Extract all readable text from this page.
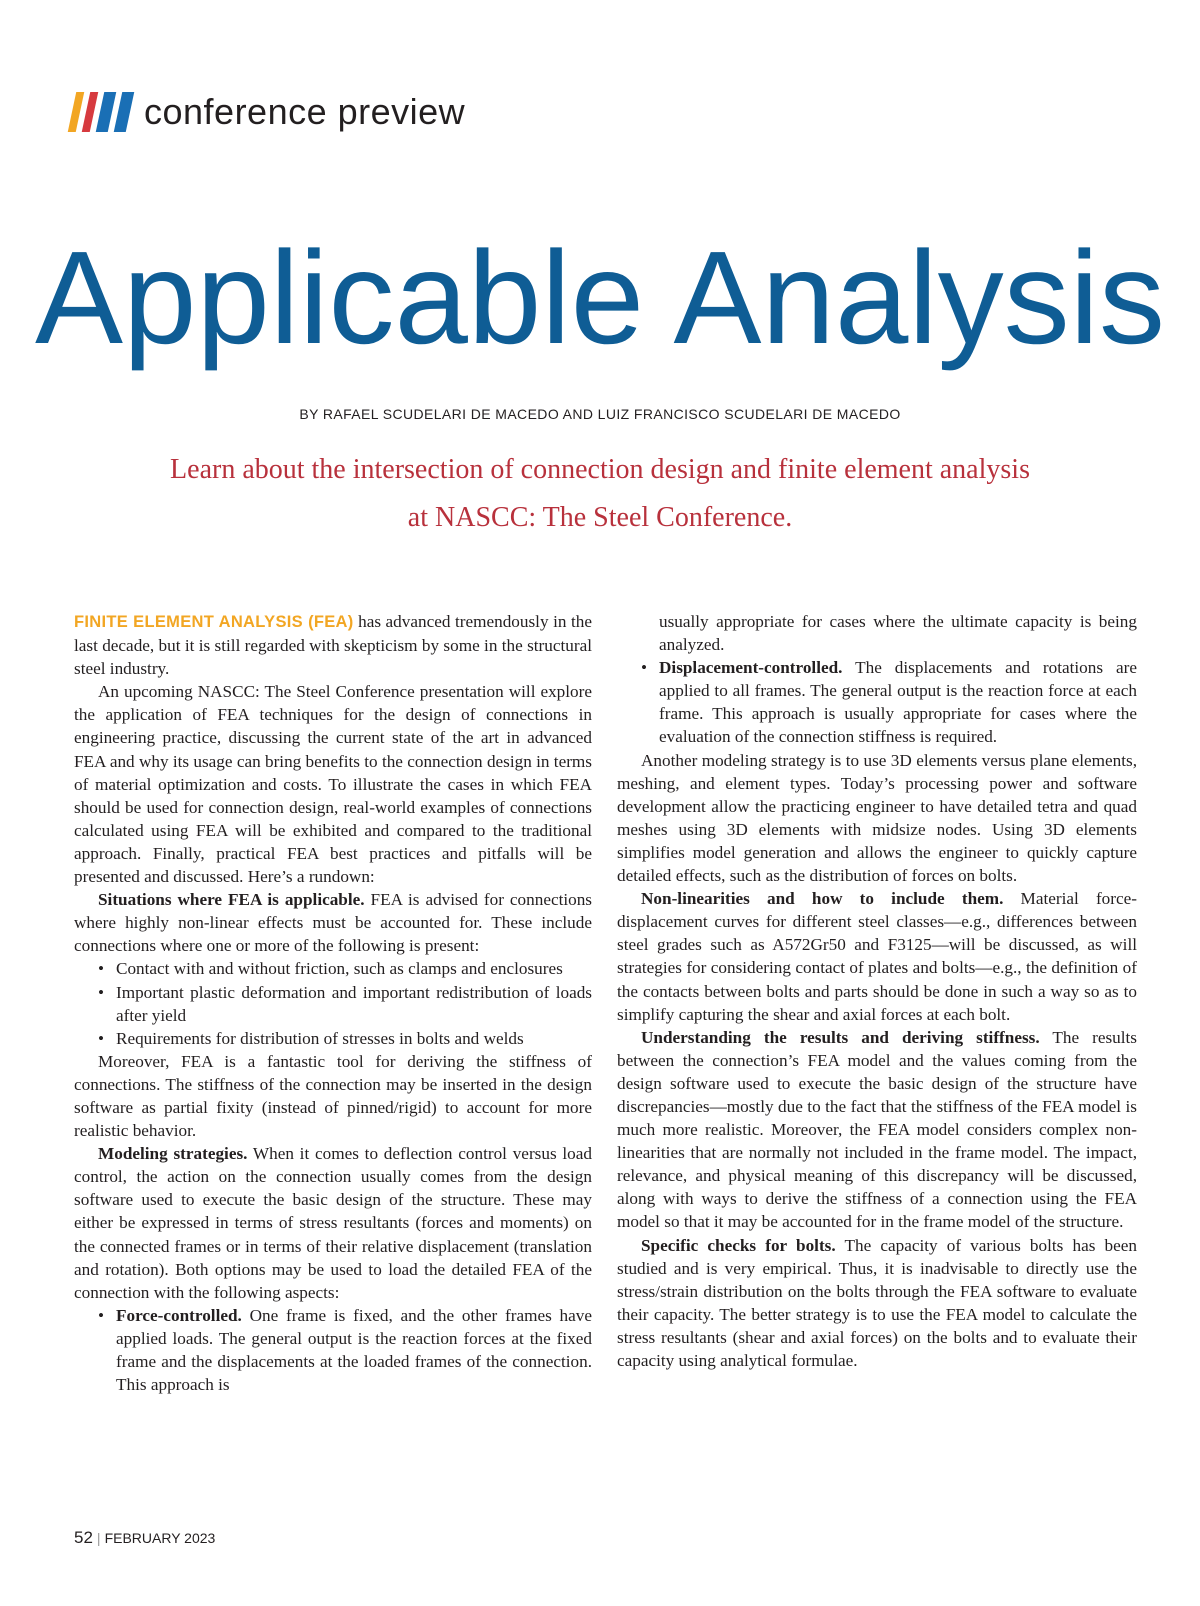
conference preview
Applicable Analysis
BY RAFAEL SCUDELARI DE MACEDO AND LUIZ FRANCISCO SCUDELARI DE MACEDO
Learn about the intersection of connection design and finite element analysis
at NASCC: The Steel Conference.

FINITE ELEMENT ANALYSIS (FEA) has advanced tremendously in the last decade, but it is still regarded with skepticism by some in the structural steel industry.

An upcoming NASCC: The Steel Conference presentation will explore the application of FEA techniques for the design of connections in engineering practice, discussing the current state of the art in advanced FEA and why its usage can bring benefits to the connection design in terms of material optimization and costs. To illustrate the cases in which FEA should be used for connection design, real-world examples of connections calculated using FEA will be exhibited and compared to the traditional approach. Finally, practical FEA best practices and pitfalls will be presented and discussed. Here’s a rundown:

Situations where FEA is applicable. FEA is advised for connections where highly non-linear effects must be accounted for. These include connections where one or more of the following is present:

• Contact with and without friction, such as clamps and enclosures
• Important plastic deformation and important redistribution of loads after yield
• Requirements for distribution of stresses in bolts and welds

Moreover, FEA is a fantastic tool for deriving the stiffness of connections. The stiffness of the connection may be inserted in the design software as partial fixity (instead of pinned/rigid) to account for more realistic behavior.

Modeling strategies. When it comes to deflection control versus load control, the action on the connection usually comes from the design software used to execute the basic design of the structure. These may either be expressed in terms of stress resultants (forces and moments) on the connected frames or in terms of their relative displacement (translation and rotation). Both options may be used to load the detailed FEA of the connection with the following aspects:

• Force-controlled. One frame is fixed, and the other frames have applied loads. The general output is the reaction forces at the fixed frame and the displacements at the loaded frames of the connection. This approach is

usually appropriate for cases where the ultimate capacity is being analyzed.

• Displacement-controlled. The displacements and rotations are applied to all frames. The general output is the reaction force at each frame. This approach is usually appropriate for cases where the evaluation of the connection stiffness is required.

Another modeling strategy is to use 3D elements versus plane elements, meshing, and element types. Today’s processing power and software development allow the practicing engineer to have detailed tetra and quad meshes using 3D elements with midsize nodes. Using 3D elements simplifies model generation and allows the engineer to quickly capture detailed effects, such as the distribution of forces on bolts.

Non-linearities and how to include them. Material force-displacement curves for different steel classes—e.g., differences between steel grades such as A572Gr50 and F3125—will be discussed, as will strategies for considering contact of plates and bolts—e.g., the definition of the contacts between bolts and parts should be done in such a way so as to simplify capturing the shear and axial forces at each bolt.

Understanding the results and deriving stiffness. The results between the connection’s FEA model and the values coming from the design software used to execute the basic design of the structure have discrepancies—mostly due to the fact that the stiffness of the FEA model is much more realistic. Moreover, the FEA model considers complex non-linearities that are normally not included in the frame model. The impact, relevance, and physical meaning of this discrepancy will be discussed, along with ways to derive the stiffness of a connection using the FEA model so that it may be accounted for in the frame model of the structure.

Specific checks for bolts. The capacity of various bolts has been studied and is very empirical. Thus, it is inadvisable to directly use the stress/strain distribution on the bolts through the FEA software to evaluate their capacity. The better strategy is to use the FEA model to calculate the stress resultants (shear and axial forces) on the bolts and to evaluate their capacity using analytical formulae.

52 | FEBRUARY 2023
